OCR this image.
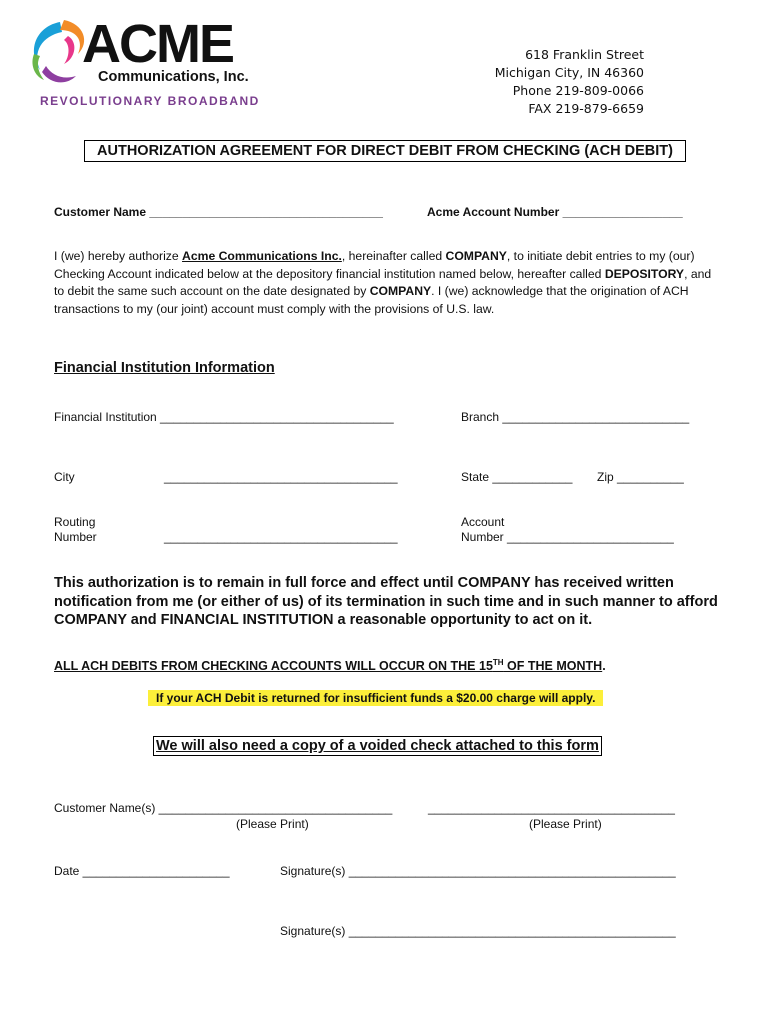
ACME
Communications, Inc.
REVOLUTIONARY BROADBAND
618 Franklin Street
Michigan City, IN 46360
Phone 219-809-0066
FAX 219-879-6659
AUTHORIZATION AGREEMENT FOR DIRECT DEBIT FROM CHECKING (ACH DEBIT)
Customer Name ___________________________________	Acme Account Number __________________
I (we) hereby authorize Acme Communications Inc., hereinafter called COMPANY, to initiate debit entries to my (our) Checking Account indicated below at the depository financial institution named below, hereafter called DEPOSITORY, and to debit the same such account on the date designated by COMPANY. I (we) acknowledge that the origination of ACH transactions to my (our joint) account must comply with the provisions of U.S. law.
Financial Institution Information
Financial Institution ___________________________________	Branch ____________________________
City	___________________________________	State ____________ Zip __________
Routing
Number	___________________________________
Account
Number _________________________
This authorization is to remain in full force and effect until COMPANY has received written notification from me (or either of us) of its termination in such time and in such manner to afford COMPANY and FINANCIAL INSTITUTION a reasonable opportunity to act on it.
ALL ACH DEBITS FROM CHECKING ACCOUNTS WILL OCCUR ON THE 15TH OF THE MONTH.
If your ACH Debit is returned for insufficient funds a $20.00 charge will apply.
We will also need a copy of a voided check attached to this form
Customer Name(s) ___________________________________	_____________________________________
(Please Print)	(Please Print)
Date ______________________	Signature(s) _________________________________________________
Signature(s) _________________________________________________
